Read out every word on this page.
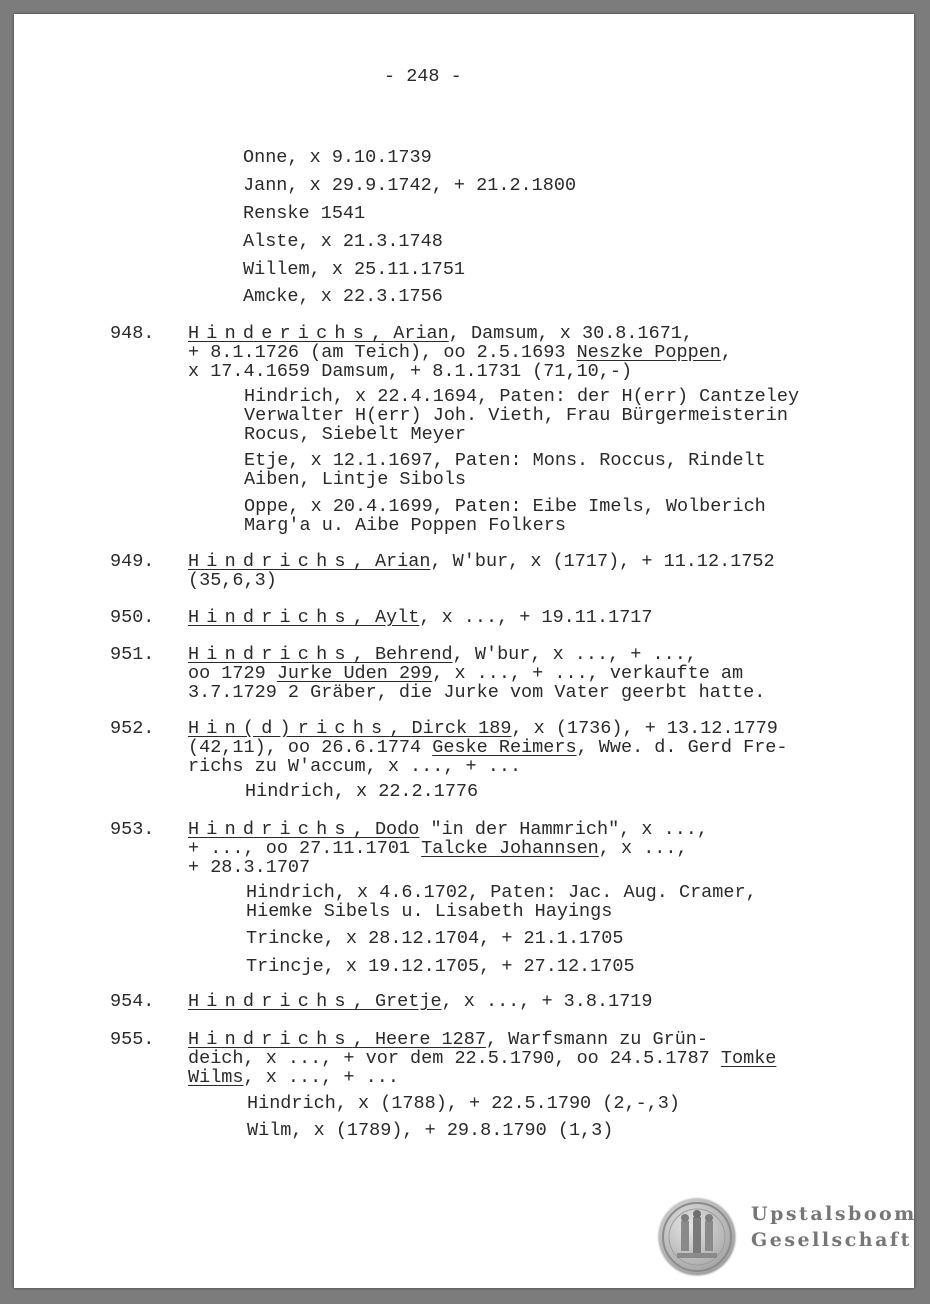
- 248 -
Onne, x 9.10.1739
Jann, x 29.9.1742, + 21.2.1800
Renske 1541
Alste, x 21.3.1748
Willem, x 25.11.1751
Amcke, x 22.3.1756
948. Hinderichs, Arian, Damsum, x 30.8.1671,
+ 8.1.1726 (am Teich), oo 2.5.1693 Neszke Poppen,
x 17.4.1659 Damsum, + 8.1.1731 (71,10,-)
Hindrich, x 22.4.1694, Paten: der H(err) Cantzeley
Verwalter H(err) Joh. Vieth, Frau Bürgermeisterin
Rocus, Siebelt Meyer
Etje, x 12.1.1697, Paten: Mons. Roccus, Rindelt
Aiben, Lintje Sibols
Oppe, x 20.4.1699, Paten: Eibe Imels, Wolberich
Marg'a u. Aibe Poppen Folkers
949. Hindrichs, Arian, W'bur, x (1717), + 11.12.1752
(35,6,3)
950. Hindrichs, Aylt, x ..., + 19.11.1717
951. Hindrichs, Behrend, W'bur, x ..., + ...,
oo 1729 Jurke Uden 299, x ..., + ..., verkaufte am
3.7.1729 2 Gräber, die Jurke vom Vater geerbt hatte.
952. Hin(d)richs, Dirck 189, x (1736), + 13.12.1779
(42,11), oo 26.6.1774 Geske Reimers, Wwe. d. Gerd Fre-
richs zu W'accum, x ..., + ...
Hindrich, x 22.2.1776
953. Hindrichs, Dodo "in der Hammrich", x ...,
+ ..., oo 27.11.1701 Talcke Johannsen, x ...,
+ 28.3.1707
Hindrich, x 4.6.1702, Paten: Jac. Aug. Cramer,
Hiemke Sibels u. Lisabeth Hayings
Trincke, x 28.12.1704, + 21.1.1705
Trincje, x 19.12.1705, + 27.12.1705
954. Hindrichs, Gretje, x ..., + 3.8.1719
955. Hindrichs, Heere 1287, Warfsmann zu Grün-
deich, x ..., + vor dem 22.5.1790, oo 24.5.1787 Tomke
Wilms, x ..., + ...
Hindrich, x (1788), + 22.5.1790 (2,-,3)
Wilm, x (1789), + 29.8.1790 (1,3)
Upstalsboom
Gesellschaft
